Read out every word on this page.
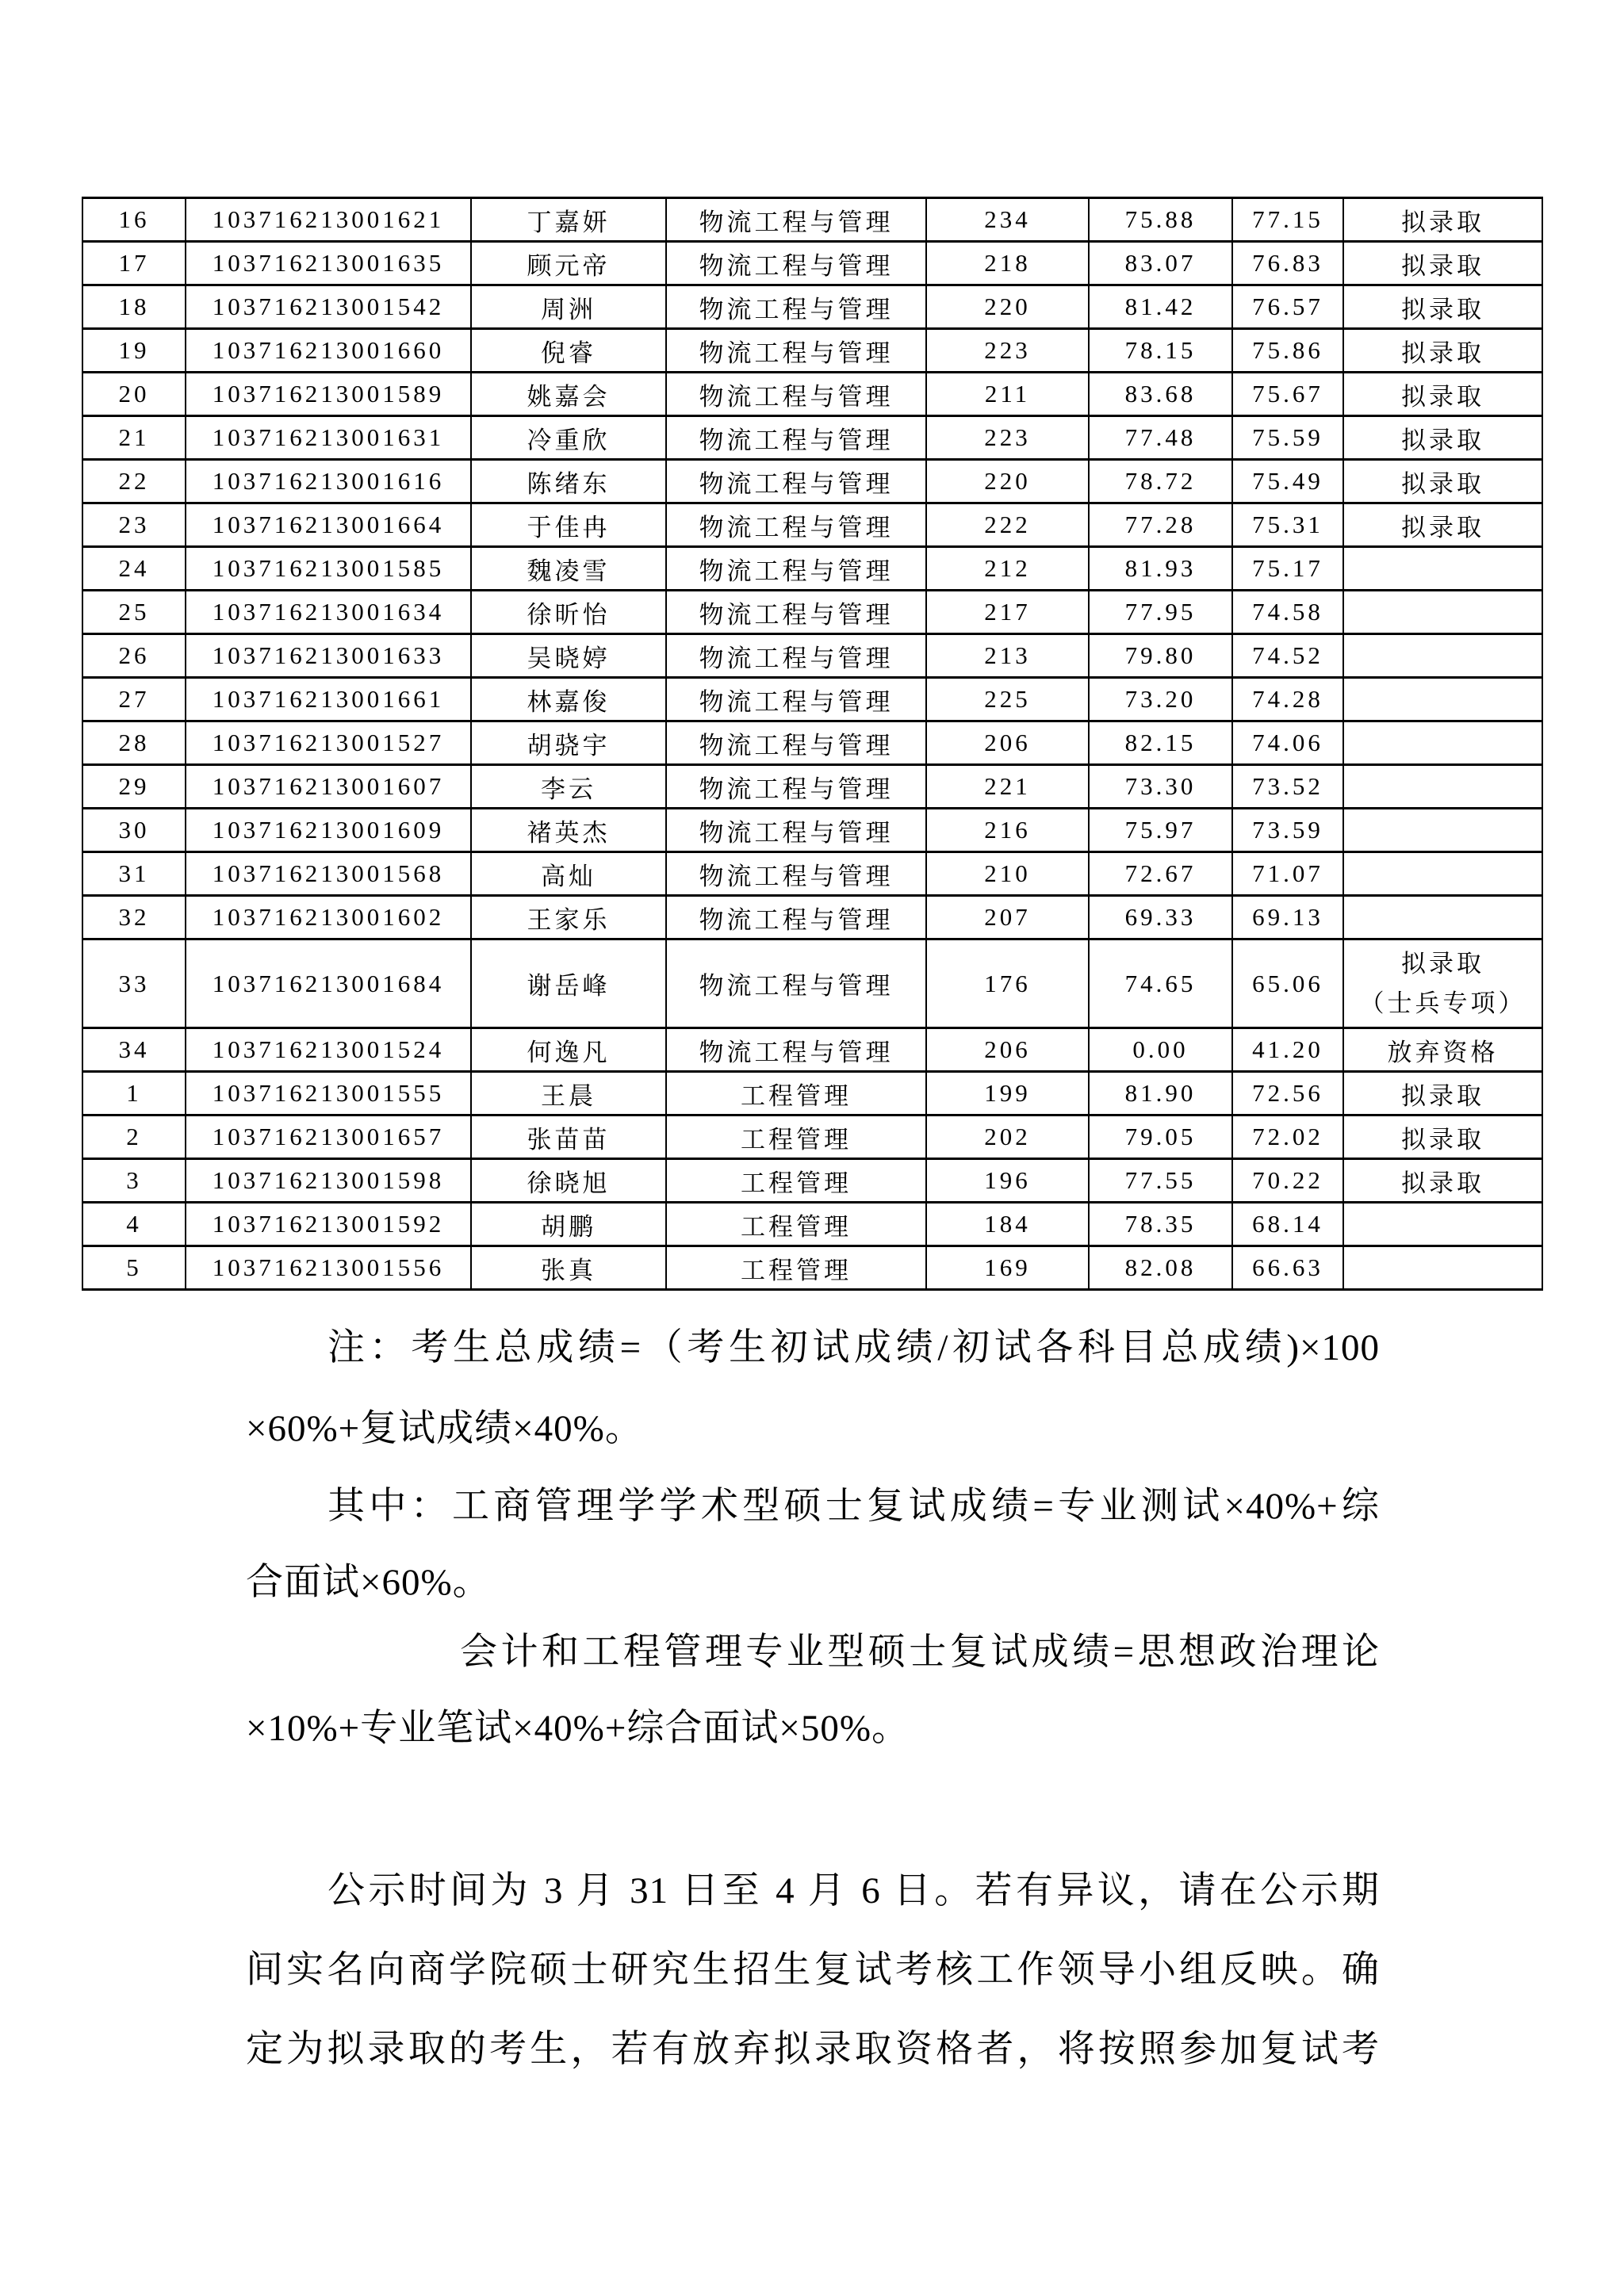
16	103716213001621	丁嘉妍	物流工程与管理	234	75.88	77.15	拟录取
17	103716213001635	顾元帝	物流工程与管理	218	83.07	76.83	拟录取
18	103716213001542	周洲	物流工程与管理	220	81.42	76.57	拟录取
19	103716213001660	倪睿	物流工程与管理	223	78.15	75.86	拟录取
20	103716213001589	姚嘉会	物流工程与管理	211	83.68	75.67	拟录取
21	103716213001631	冷重欣	物流工程与管理	223	77.48	75.59	拟录取
22	103716213001616	陈绪东	物流工程与管理	220	78.72	75.49	拟录取
23	103716213001664	于佳冉	物流工程与管理	222	77.28	75.31	拟录取
24	103716213001585	魏凌雪	物流工程与管理	212	81.93	75.17	
25	103716213001634	徐昕怡	物流工程与管理	217	77.95	74.58	
26	103716213001633	吴晓婷	物流工程与管理	213	79.80	74.52	
27	103716213001661	林嘉俊	物流工程与管理	225	73.20	74.28	
28	103716213001527	胡骁宇	物流工程与管理	206	82.15	74.06	
29	103716213001607	李云	物流工程与管理	221	73.30	73.52	
30	103716213001609	褚英杰	物流工程与管理	216	75.97	73.59	
31	103716213001568	高灿	物流工程与管理	210	72.67	71.07	
32	103716213001602	王家乐	物流工程与管理	207	69.33	69.13	
33	103716213001684	谢岳峰	物流工程与管理	176	74.65	65.06	拟录取
（士兵专项）

34	103716213001524	何逸凡	物流工程与管理	206	0.00	41.20	放弃资格
1	103716213001555	王晨	工程管理	199	81.90	72.56	拟录取
2	103716213001657	张苗苗	工程管理	202	79.05	72.02	拟录取
3	103716213001598	徐晓旭	工程管理	196	77.55	70.22	拟录取
4	103716213001592	胡鹏	工程管理	184	78.35	68.14	
5	103716213001556	张真	工程管理	169	82.08	66.63	
注：考生总成绩=（考生初试成绩/初试各科目总成绩)×100
×60%+复试成绩×40%。
其中：工商管理学学术型硕士复试成绩=专业测试×40%+综
合面试×60%。
会计和工程管理专业型硕士复试成绩=思想政治理论
×10%+专业笔试×40%+综合面试×50%。
公示时间为 3 月 31 日至 4 月 6 日。若有异议，请在公示期
间实名向商学院硕士研究生招生复试考核工作领导小组反映。确
定为拟录取的考生，若有放弃拟录取资格者，将按照参加复试考
